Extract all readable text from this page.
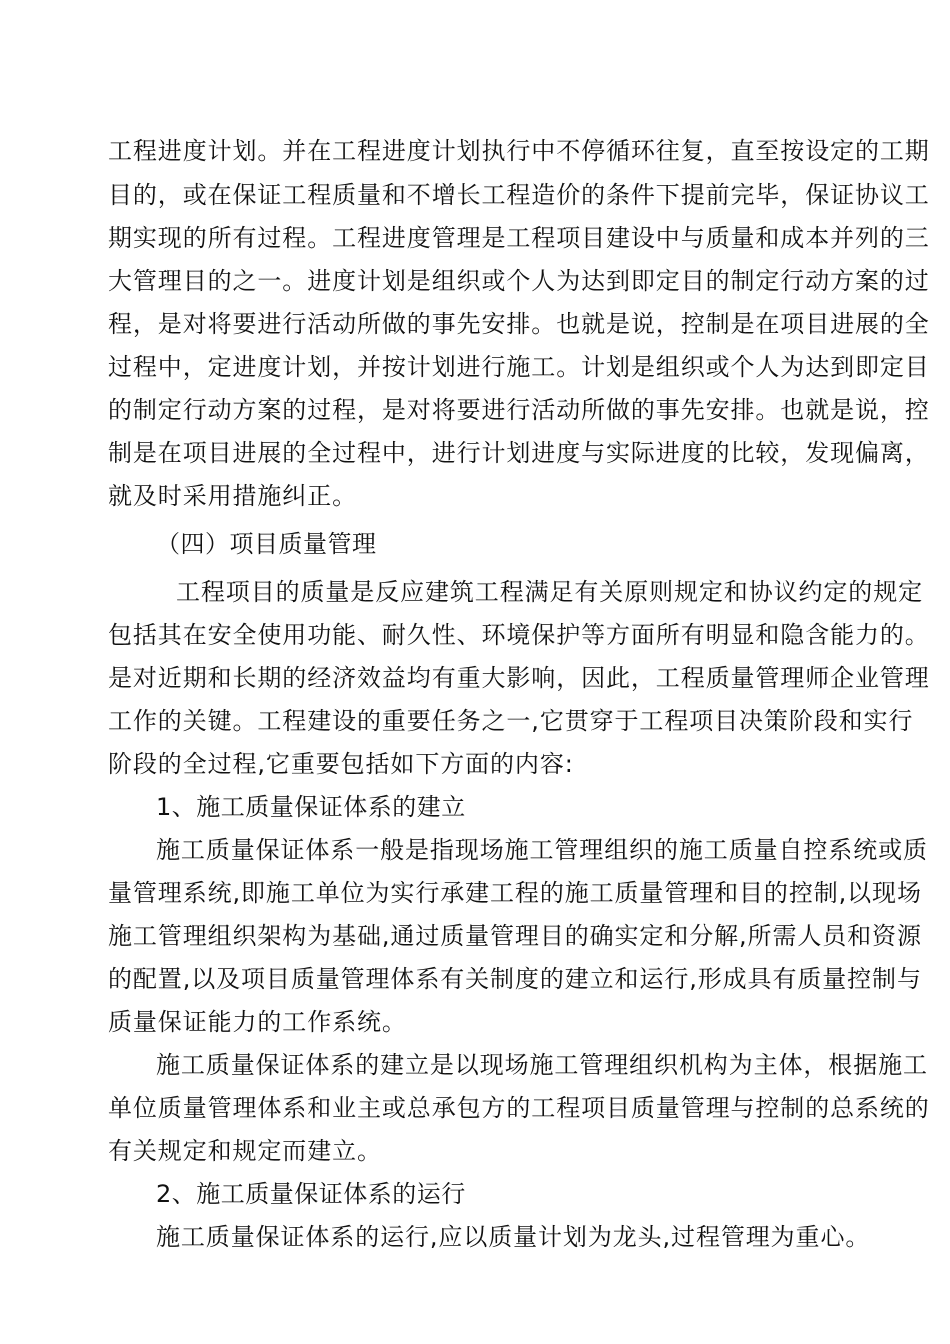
工程进度计划。并在工程进度计划执行中不停循环往复，直至按设定的工期
目的，或在保证工程质量和不增长工程造价的条件下提前完毕，保证协议工
期实现的所有过程。工程进度管理是工程项目建设中与质量和成本并列的三
大管理目的之一。进度计划是组织或个人为达到即定目的制定行动方案的过
程，是对将要进行活动所做的事先安排。也就是说，控制是在项目进展的全
过程中，定进度计划，并按计划进行施工。计划是组织或个人为达到即定目
的制定行动方案的过程，是对将要进行活动所做的事先安排。也就是说，控
制是在项目进展的全过程中，进行计划进度与实际进度的比较，发现偏离，
就及时采用措施纠正。
（四）项目质量管理
工程项目的质量是反应建筑工程满足有关原则规定和协议约定的规定
包括其在安全使用功能、耐久性、环境保护等方面所有明显和隐含能力的。
是对近期和长期的经济效益均有重大影响，因此，工程质量管理师企业管理
工作的关键。工程建设的重要任务之一,它贯穿于工程项目决策阶段和实行
阶段的全过程,它重要包括如下方面的内容:
1、施工质量保证体系的建立
施工质量保证体系一般是指现场施工管理组织的施工质量自控系统或质
量管理系统,即施工单位为实行承建工程的施工质量管理和目的控制,以现场
施工管理组织架构为基础,通过质量管理目的确实定和分解,所需人员和资源
的配置,以及项目质量管理体系有关制度的建立和运行,形成具有质量控制与
质量保证能力的工作系统。
施工质量保证体系的建立是以现场施工管理组织机构为主体，根据施工
单位质量管理体系和业主或总承包方的工程项目质量管理与控制的总系统的
有关规定和规定而建立。
2、施工质量保证体系的运行
施工质量保证体系的运行,应以质量计划为龙头,过程管理为重心。
